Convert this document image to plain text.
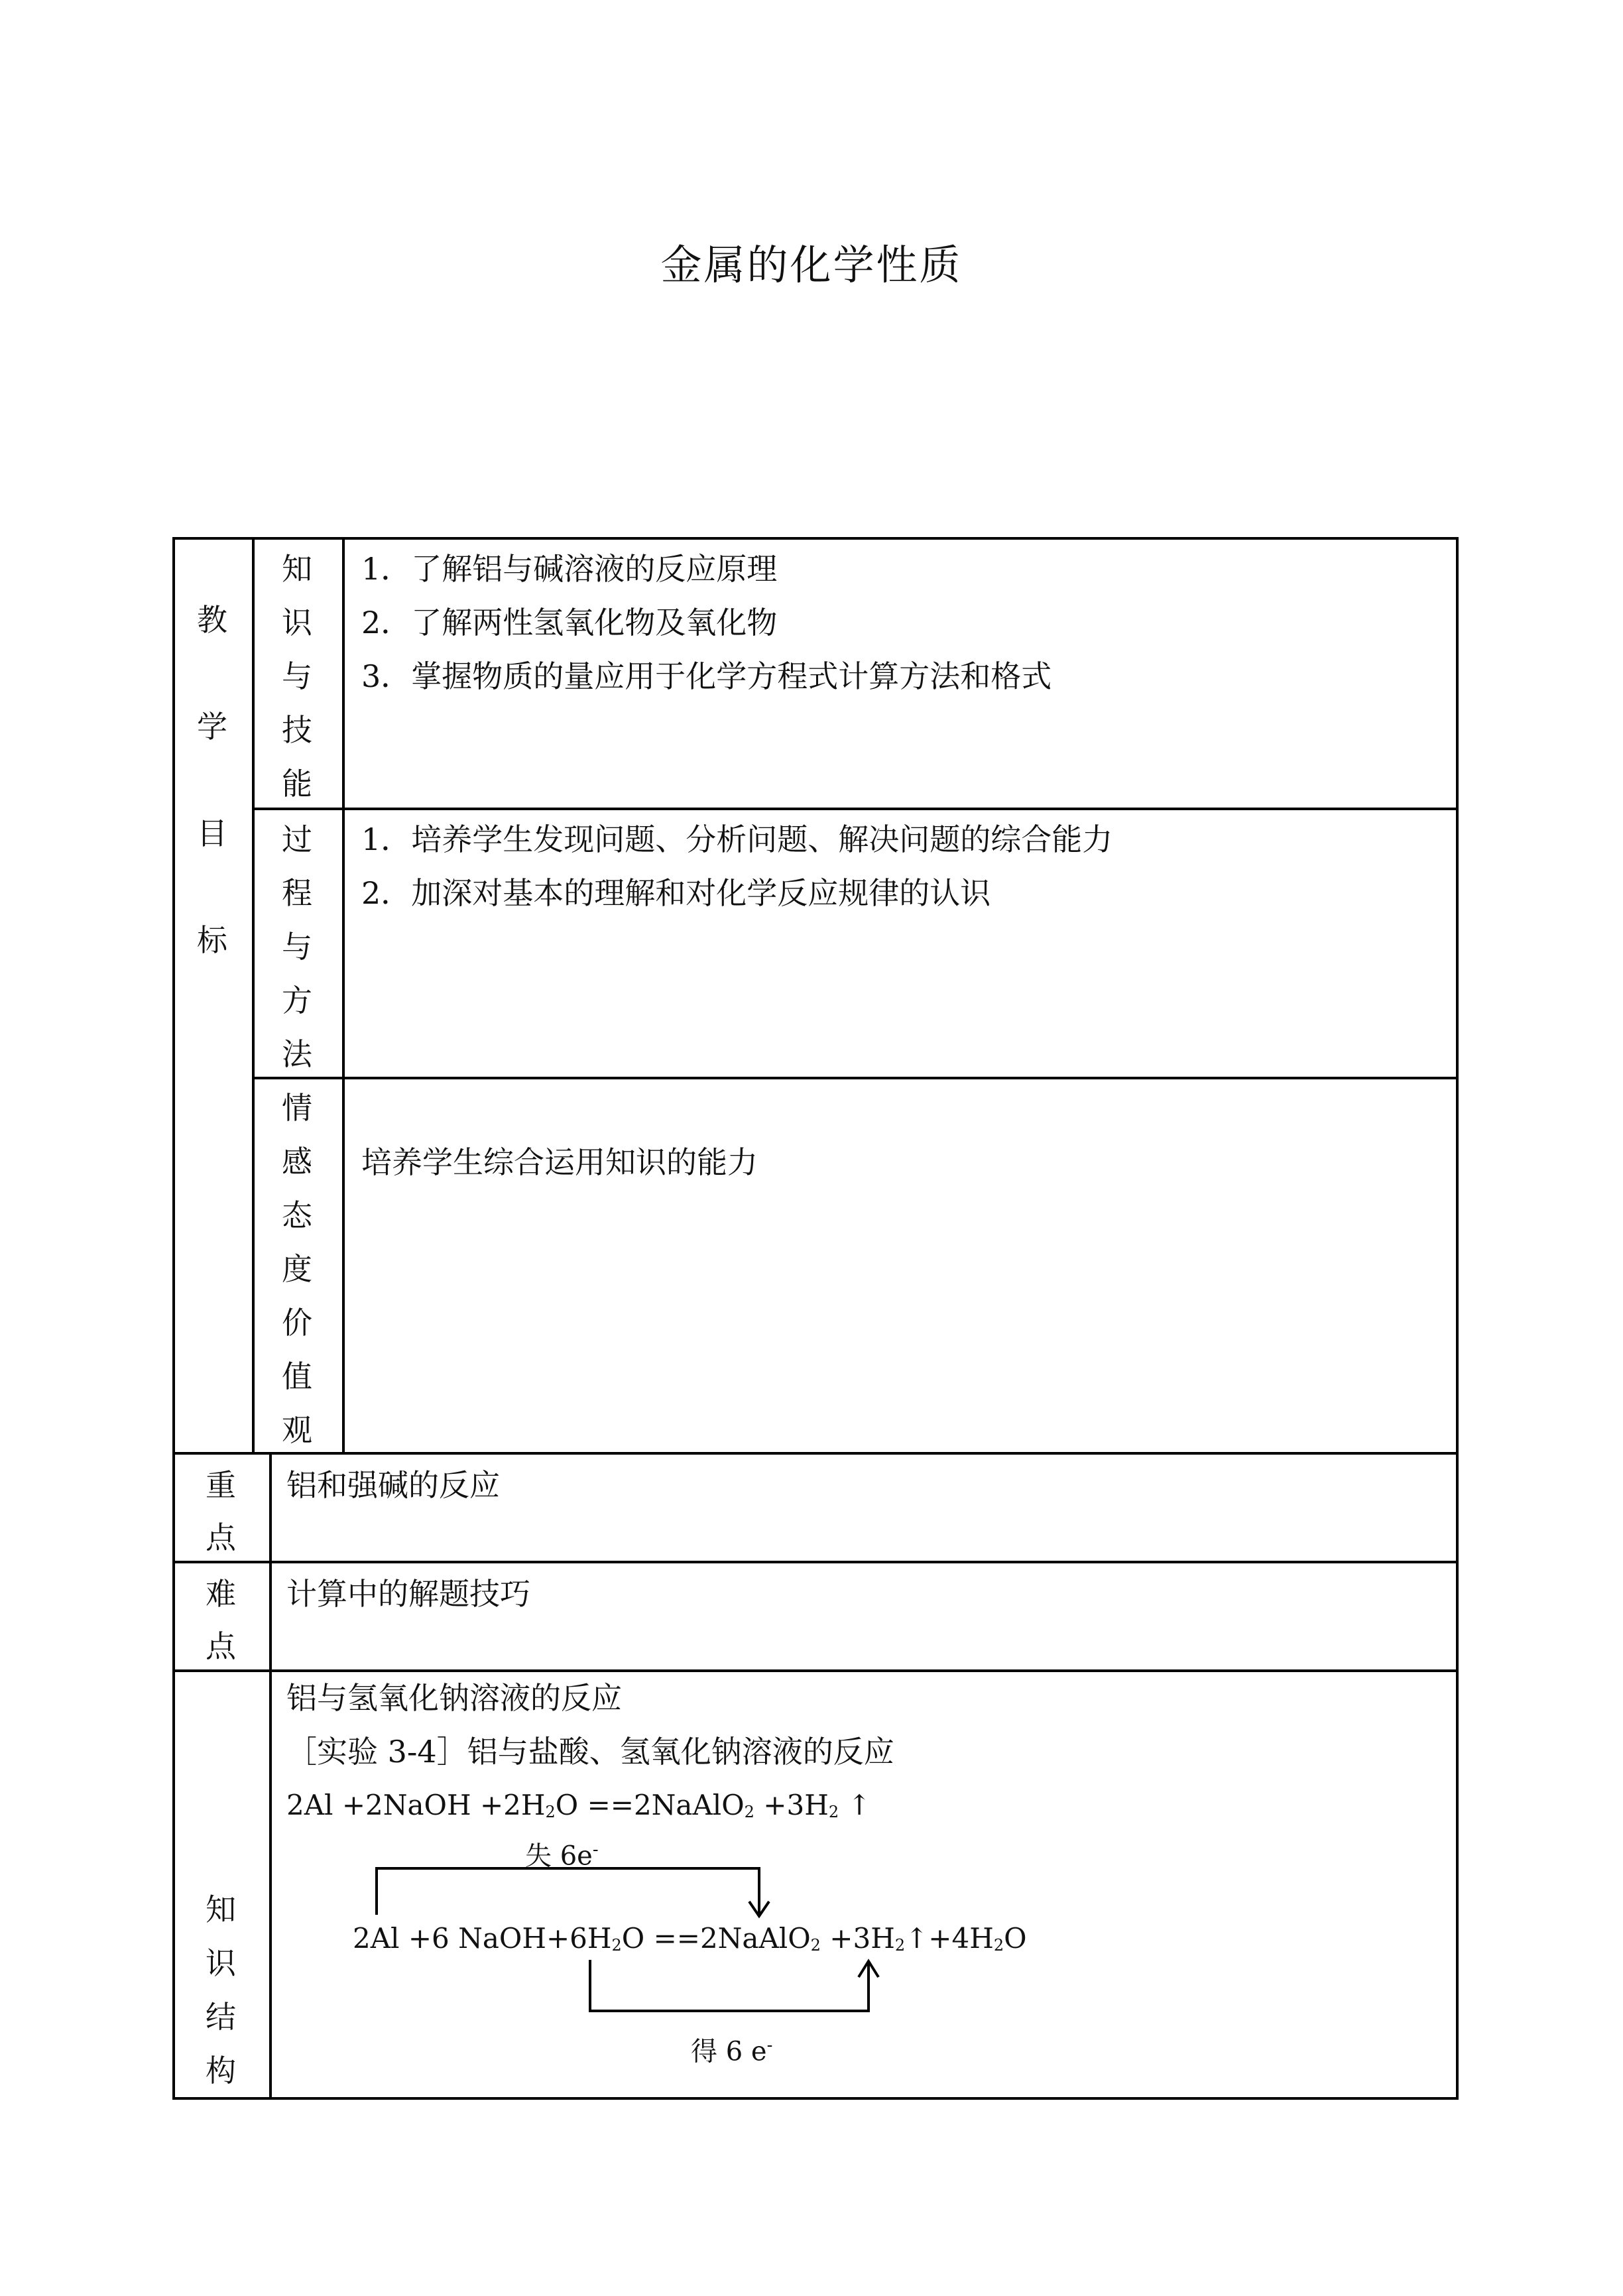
金属的化学性质
教
学
目
标
知
识
与
技
能
1．了解铝与碱溶液的反应原理
2．了解两性氢氧化物及氧化物
3．掌握物质的量应用于化学方程式计算方法和格式
过
程
与
方
法
1．培养学生发现问题、分析问题、解决问题的综合能力
2．加深对基本的理解和对化学反应规律的认识
情
感
态
度
价
值
观
培养学生综合运用知识的能力
重
点
铝和强碱的反应
难
点
计算中的解题技巧
知
识
结
构
铝与氢氧化钠溶液的反应
［实验 3-4］铝与盐酸、氢氧化钠溶液的反应
2Al +2NaOH $+2H_2O$ ==2NaAlO$_2$ $+3H_2$ ↑
失 6e-
2Al +6 $NaOH+6H_2O$ ==2NaAlO$_2$ $+3H_2↑+4H_2O$
得 6 e-
